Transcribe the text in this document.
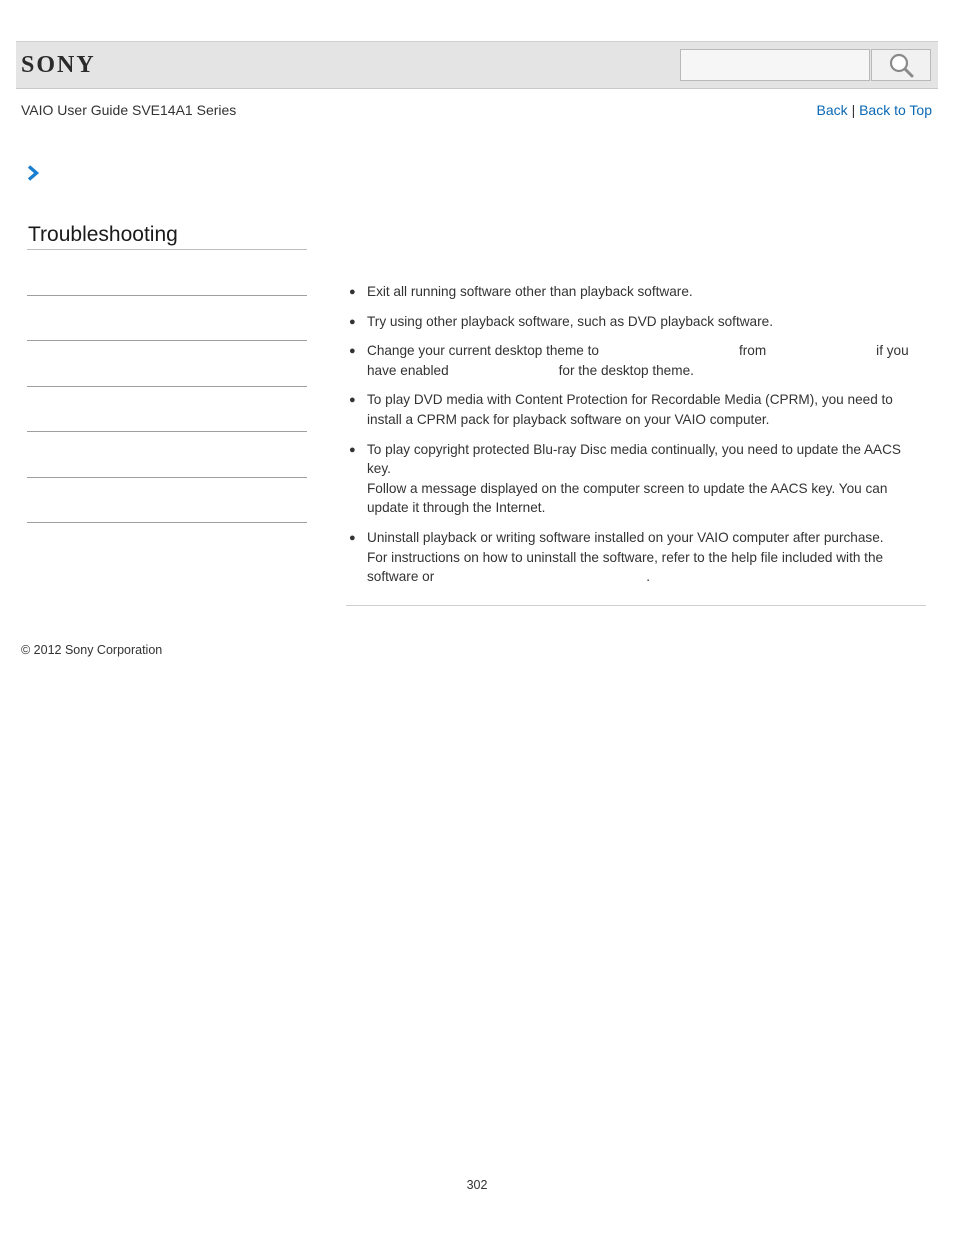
SONY
VAIO User Guide SVE14A1 Series	Back | Back to Top
Troubleshooting
● Exit all running software other than playback software.
● Try using other playback software, such as DVD playback software.
● Change your current desktop theme to	from	if you have enabled	for the desktop theme.
● To play DVD media with Content Protection for Recordable Media (CPRM), you need to install a CPRM pack for playback software on your VAIO computer.
● To play copyright protected Blu-ray Disc media continually, you need to update the AACS key.
Follow a message displayed on the computer screen to update the AACS key. You can update it through the Internet.
● Uninstall playback or writing software installed on your VAIO computer after purchase.
For instructions on how to uninstall the software, refer to the help file included with the software or	.
© 2012 Sony Corporation
302
